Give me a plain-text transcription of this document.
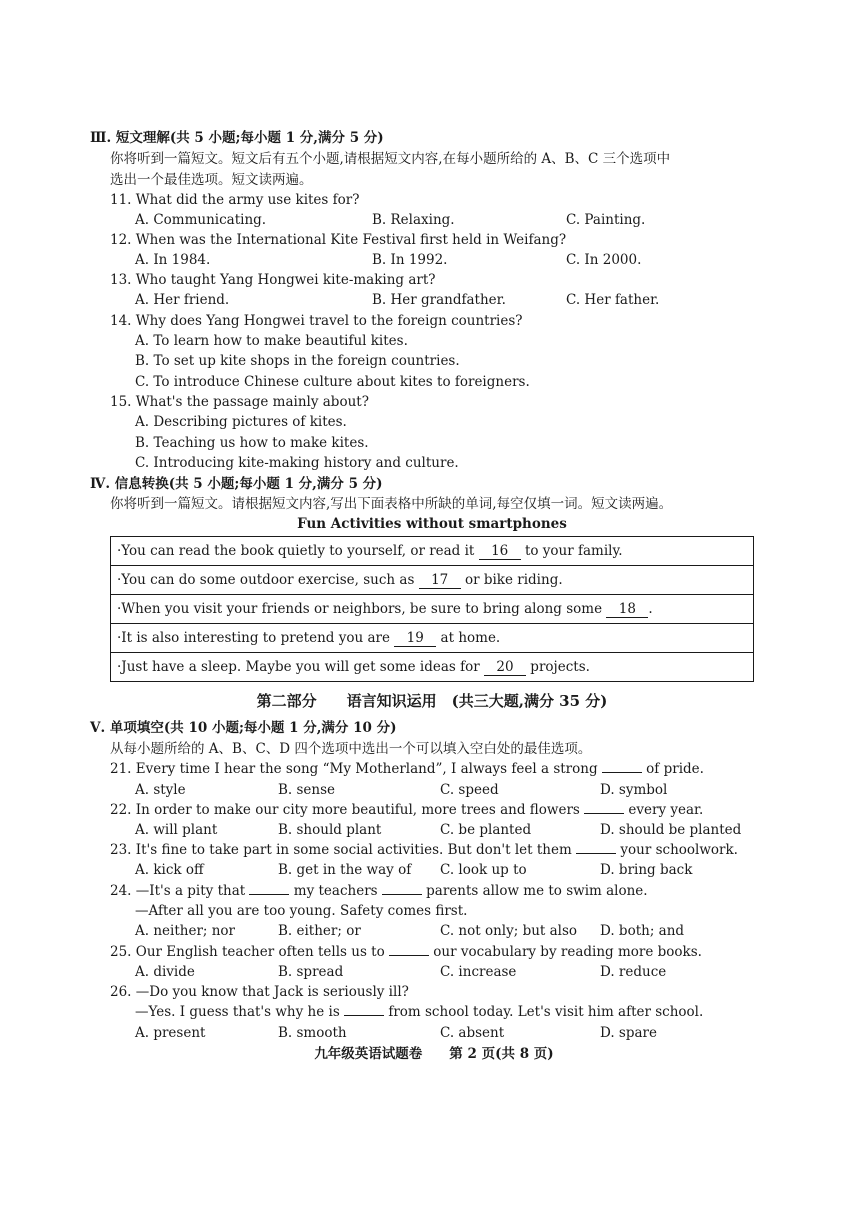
Ⅲ. 短文理解(共 5 小题;每小题 1 分,满分 5 分)
你将听到一篇短文。短文后有五个小题,请根据短文内容,在每小题所给的 A、B、C 三个选项中
选出一个最佳选项。短文读两遍。
11. What did the army use kites for?
A. Communicating.	B. Relaxing.	C. Painting.
12. When was the International Kite Festival first held in Weifang?
A. In 1984.	B. In 1992.	C. In 2000.
13. Who taught Yang Hongwei kite-making art?
A. Her friend.	B. Her grandfather.	C. Her father.
14. Why does Yang Hongwei travel to the foreign countries?
A. To learn how to make beautiful kites.
B. To set up kite shops in the foreign countries.
C. To introduce Chinese culture about kites to foreigners.
15. What's the passage mainly about?
A. Describing pictures of kites.
B. Teaching us how to make kites.
C. Introducing kite-making history and culture.
Ⅳ. 信息转换(共 5 小题;每小题 1 分,满分 5 分)
你将听到一篇短文。请根据短文内容,写出下面表格中所缺的单词,每空仅填一词。短文读两遍。
Fun Activities without smartphones
·You can read the book quietly to yourself, or read it 16 to your family.
·You can do some outdoor exercise, such as 17 or bike riding.
·When you visit your friends or neighbors, be sure to bring along some 18 .
·It is also interesting to pretend you are 19 at home.
·Just have a sleep. Maybe you will get some ideas for 20 projects.
第二部分　　语言知识运用　(共三大题,满分 35 分)
Ⅴ. 单项填空(共 10 小题;每小题 1 分,满分 10 分)
从每小题所给的 A、B、C、D 四个选项中选出一个可以填入空白处的最佳选项。
21. Every time I hear the song “My Motherland”, I always feel a strong	of pride.
A. style	B. sense	C. speed	D. symbol
22. In order to make our city more beautiful, more trees and flowers	every year.
A. will plant	B. should plant	C. be planted	D. should be planted
23. It's fine to take part in some social activities. But don't let them	your schoolwork.
A. kick off	B. get in the way of C. look up to	D. bring back
24. —It's a pity that	my teachers	parents allow me to swim alone.
—After all you are too young. Safety comes first.
A. neither; nor	B. either; or	C. not only; but also D. both; and
25. Our English teacher often tells us to	our vocabulary by reading more books.
A. divide	B. spread	C. increase	D. reduce
26. —Do you know that Jack is seriously ill?
—Yes. I guess that's why he is	from school today. Let's visit him after school.
A. present	B. smooth	C. absent	D. spare
九年级英语试题卷　　第 2 页(共 8 页)
